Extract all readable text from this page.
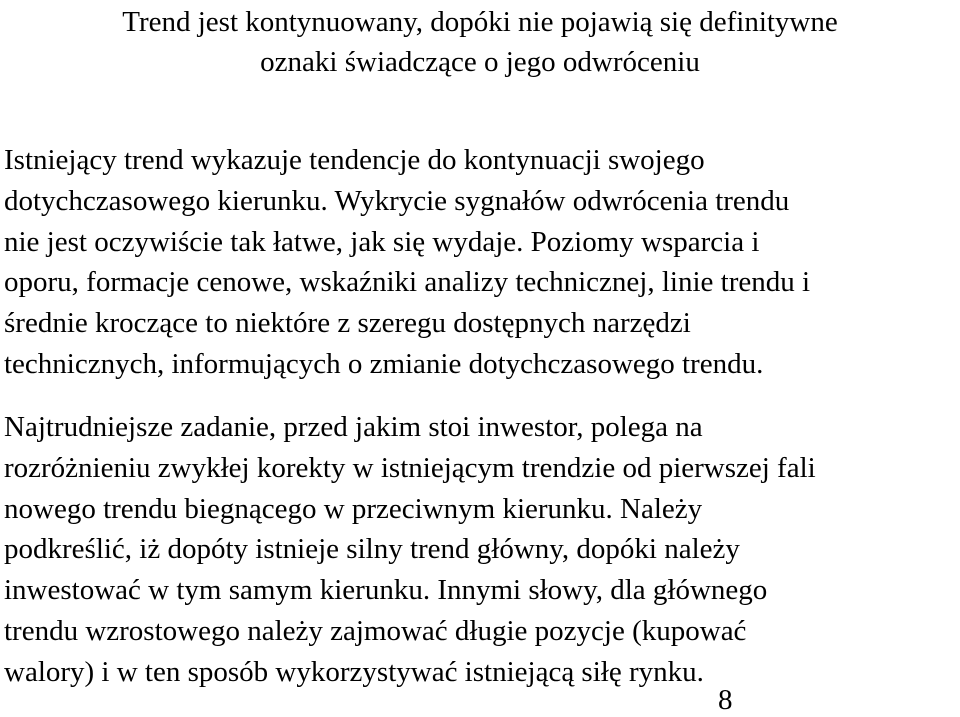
Trend jest kontynuowany, dopóki nie pojawią się definitywne
oznaki świadczące o jego odwróceniu

Istniejący trend wykazuje tendencje do kontynuacji swojego
dotychczasowego kierunku. Wykrycie sygnałów odwrócenia trendu
nie jest oczywiście tak łatwe, jak się wydaje. Poziomy wsparcia i
oporu, formacje cenowe, wskaźniki analizy technicznej, linie trendu i
średnie kroczące to niektóre z szeregu dostępnych narzędzi
technicznych, informujących o zmianie dotychczasowego trendu.

Najtrudniejsze zadanie, przed jakim stoi inwestor, polega na
rozróżnieniu zwykłej korekty w istniejącym trendzie od pierwszej fali
nowego trendu biegnącego w przeciwnym kierunku. Należy
podkreślić, iż dopóty istnieje silny trend główny, dopóki należy
inwestować w tym samym kierunku. Innymi słowy, dla głównego
trendu wzrostowego należy zajmować długie pozycje (kupować
walory) i w ten sposób wykorzystywać istniejącą siłę rynku.

8
